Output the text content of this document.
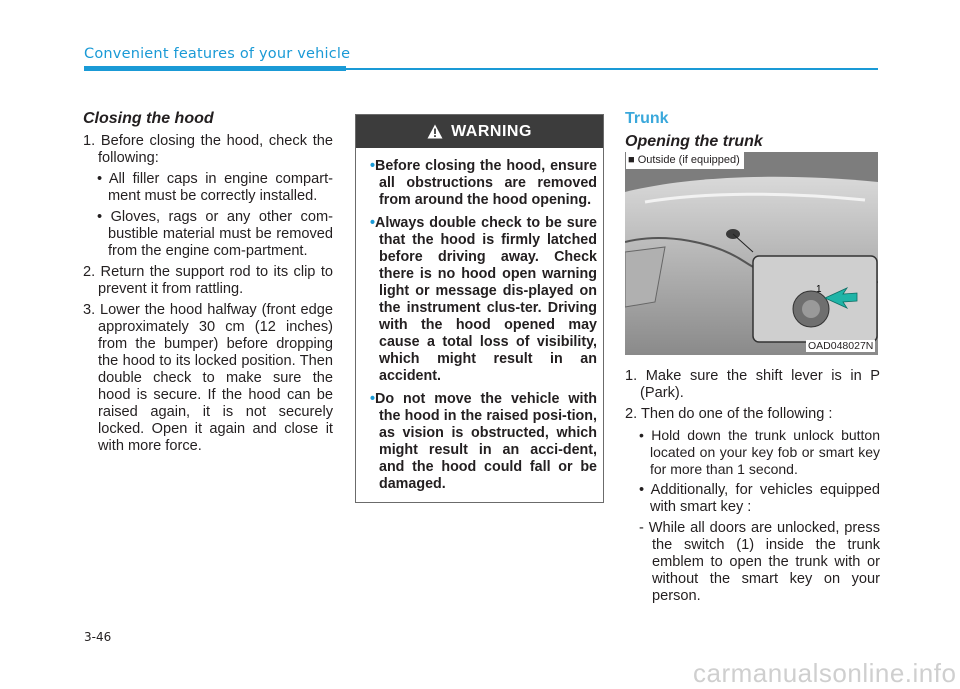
Convenient features of your vehicle
Closing the hood

1. Before closing the hood, check the following:

• All filler caps in engine compart-ment must be correctly installed.

• Gloves, rags or any other com-bustible material must be removed from the engine com-partment.

2. Return the support rod to its clip to prevent it from rattling.

3. Lower the hood halfway (front edge approximately 30 cm (12 inches) from the bumper) before dropping the hood to its locked position. Then double check to make sure the hood is secure. If the hood can be raised again, it is not securely locked. Open it again and close it with more force.

WARNING
•Before closing the hood, ensure all obstructions are removed from around the hood opening.
•Always double check to be sure that the hood is firmly latched before driving away. Check there is no hood open warning light or message dis-played on the instrument clus-ter. Driving with the hood opened may cause a total loss of visibility, which might result in an accident.
•Do not move the vehicle with the hood in the raised posi-tion, as vision is obstructed, which might result in an acci-dent, and the hood could fall or be damaged.
Trunk
Opening the trunk

1. Make sure the shift lever is in P (Park).

2. Then do one of the following :

• Hold down the trunk unlock button located on your key fob or smart key for more than 1 second.

• Additionally, for vehicles equipped with smart key :

- While all doors are unlocked, press the switch (1) inside the trunk emblem to open the trunk with or without the smart key on your person.

1
■ Outside (if equipped)
OAD048027N
3-46
carmanualsonline.info
